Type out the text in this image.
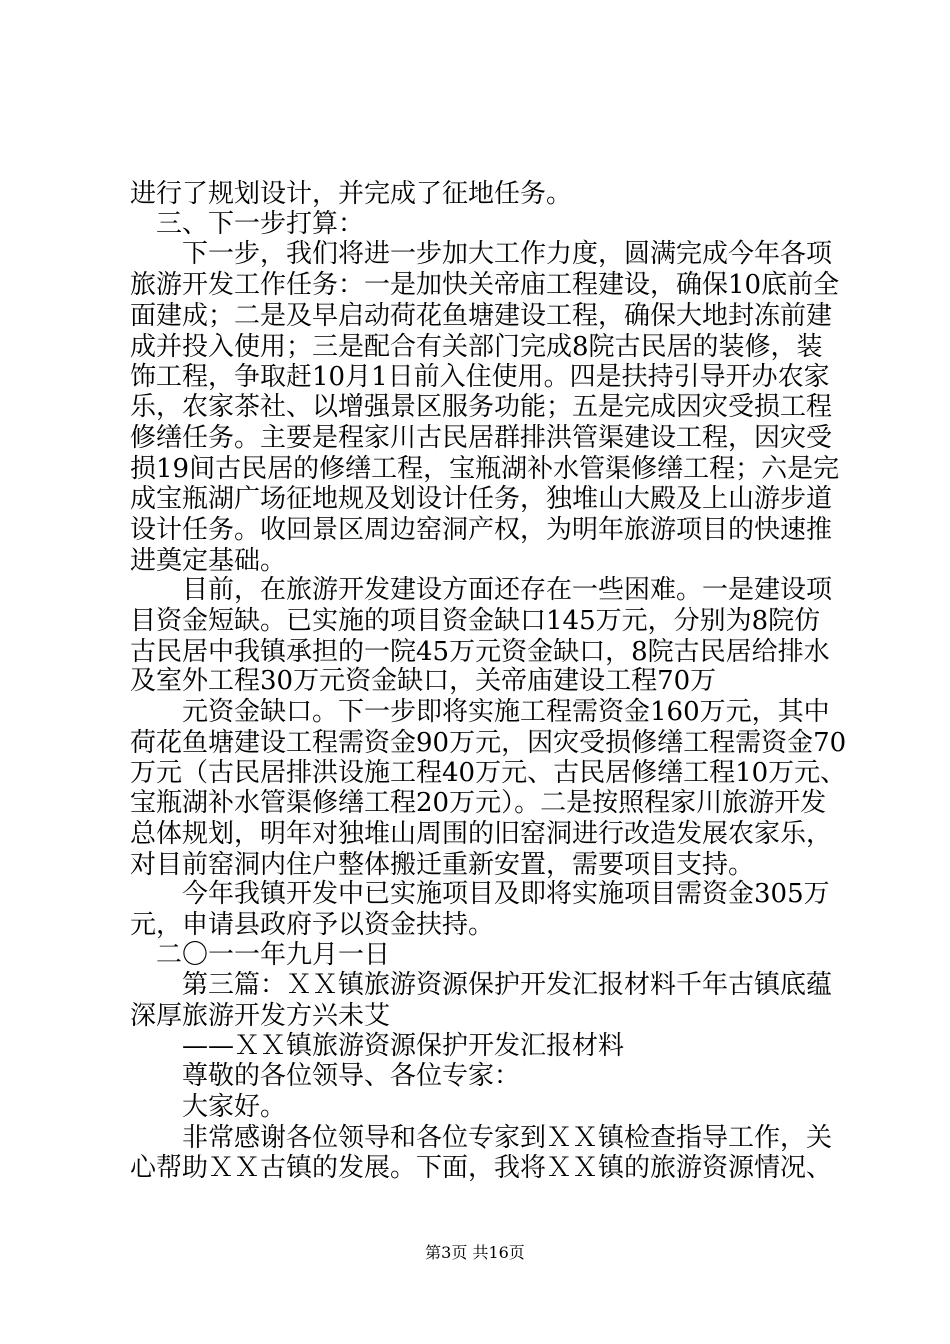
进行了规划设计，并完成了征地任务。
　三、下一步打算：
　　下一步，我们将进一步加大工作力度，圆满完成今年各项
旅游开发工作任务：一是加快关帝庙工程建设，确保10底前全
面建成；二是及早启动荷花鱼塘建设工程，确保大地封冻前建
成并投入使用；三是配合有关部门完成8院古民居的装修，装
饰工程，争取赶10月1日前入住使用。四是扶持引导开办农家
乐，农家茶社、以增强景区服务功能；五是完成因灾受损工程
修缮任务。主要是程家川古民居群排洪管渠建设工程，因灾受
损19间古民居的修缮工程，宝瓶湖补水管渠修缮工程；六是完
成宝瓶湖广场征地规及划设计任务，独堆山大殿及上山游步道
设计任务。收回景区周边窑洞产权，为明年旅游项目的快速推
进奠定基础。
　　目前，在旅游开发建设方面还存在一些困难。一是建设项
目资金短缺。已实施的项目资金缺口145万元，分别为8院仿
古民居中我镇承担的一院45万元资金缺口，8院古民居给排水
及室外工程30万元资金缺口，关帝庙建设工程70万
　　元资金缺口。下一步即将实施工程需资金160万元，其中
荷花鱼塘建设工程需资金90万元，因灾受损修缮工程需资金70
万元（古民居排洪设施工程40万元、古民居修缮工程10万元、
宝瓶湖补水管渠修缮工程20万元）。二是按照程家川旅游开发
总体规划，明年对独堆山周围的旧窑洞进行改造发展农家乐，
对目前窑洞内住户整体搬迁重新安置，需要项目支持。
　　今年我镇开发中已实施项目及即将实施项目需资金305万
元，申请县政府予以资金扶持。
　二〇一一年九月一日
　　第三篇：ＸＸ镇旅游资源保护开发汇报材料千年古镇底蕴
深厚旅游开发方兴未艾
　　——ＸＸ镇旅游资源保护开发汇报材料
　　尊敬的各位领导、各位专家：
　　大家好。
　　非常感谢各位领导和各位专家到ＸＸ镇检查指导工作，关
心帮助ＸＸ古镇的发展。下面，我将ＸＸ镇的旅游资源情况、
第3页 共16页
